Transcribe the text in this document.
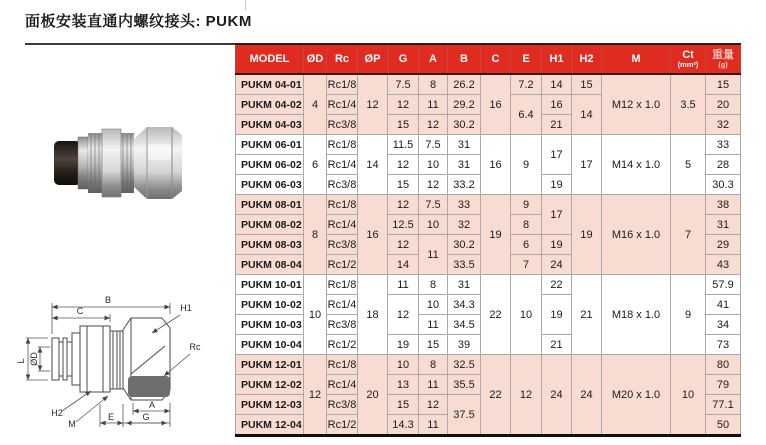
面板安装直通内螺纹接头: PUKM
B
C	H1
L ØD
Rc
H2
M
E
A
G
MODEL	ØD	Rc	ØP	G	A	B	C	E	H1	H2	M	Ct
(mm²)

重量
(g)

PUKM 04-01	4	Rc1/8	12	7.5	8	26.2	16	7.2	14	15	M12 x 1.0	3.5	15
PUKM 04-02		Rc1/4		12	11	29.2		6.4	16	14			20
PUKM 04-03		Rc3/8		15	12	30.2			21				32
PUKM 06-01	6	Rc1/8	14	11.5	7.5	31	16	9	17	17	M14 x 1.0	5	33
PUKM 06-02		Rc1/4		12	10	31							28
PUKM 06-03		Rc3/8		15	12	33.2			19				30.3
PUKM 08-01	8	Rc1/8	16	12	7.5	33	19	9	17	19	M16 x 1.0	7	38
PUKM 08-02		Rc1/4		12.5	10	32		8					31
PUKM 08-03		Rc3/8		12	11	30.2		6	19				29
PUKM 08-04		Rc1/2		14		33.5		7	24				43
PUKM 10-01	10	Rc1/8	18	11	8	31	22	10	22	21	M18 x 1.0	9	57.9
PUKM 10-02		Rc1/4		12	10	34.3			19				41
PUKM 10-03		Rc3/8			11	34.5							34
PUKM 10-04		Rc1/2		19	15	39			21				73
PUKM 12-01	12	Rc1/8	20	10	8	32.5	22	12	24	24	M20 x 1.0	10	80
PUKM 12-02		Rc1/4		13	11	35.5							79
PUKM 12-03		Rc3/8		15	12	37.5							77.1
PUKM 12-04		Rc1/2		14.3	11								50
